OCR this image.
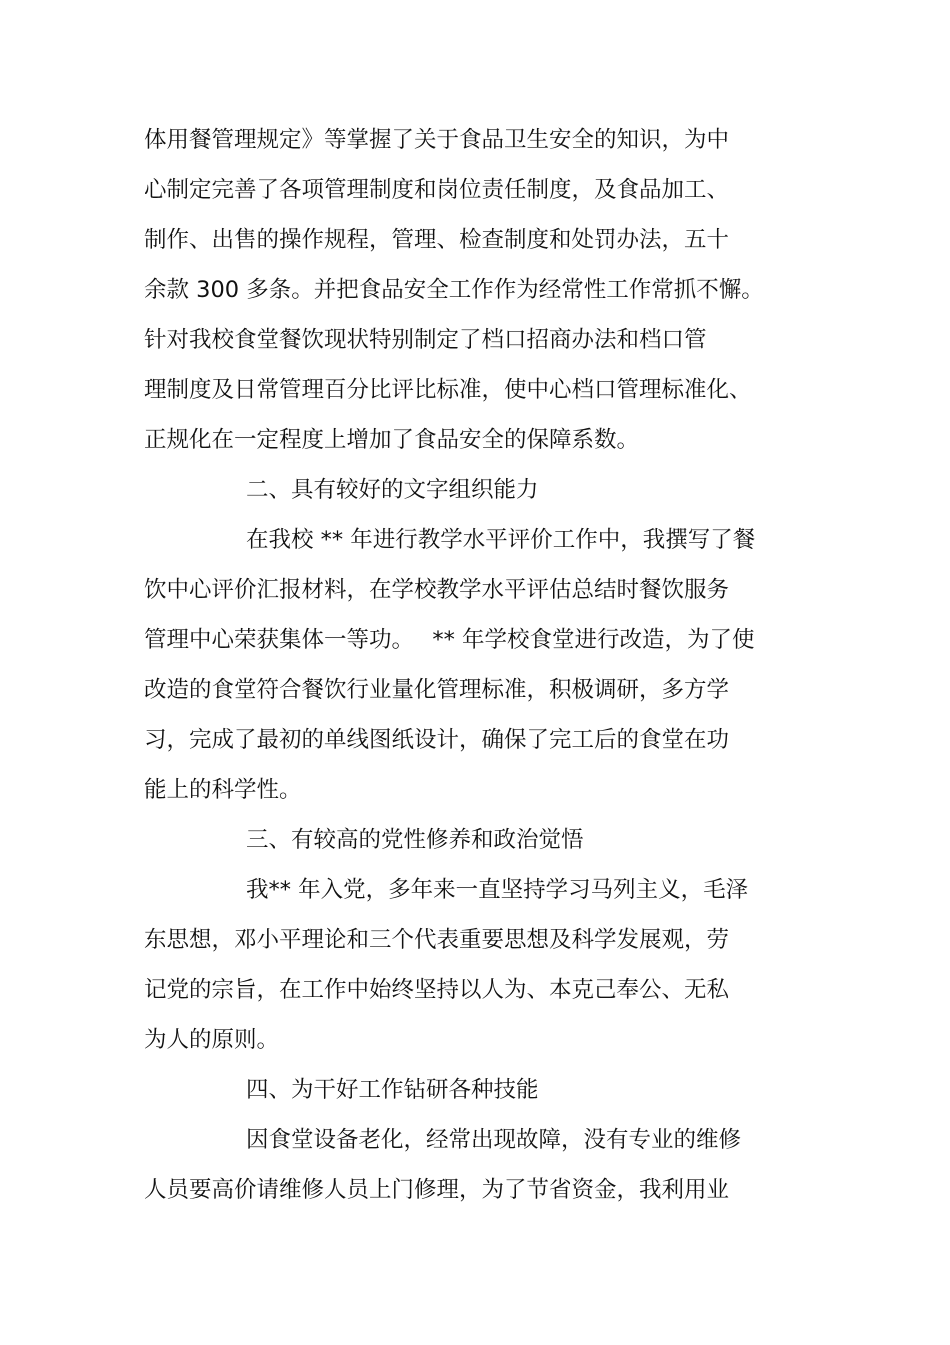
体用餐管理规定》等掌握了关于食品卫生安全的知识，为中
心制定完善了各项管理制度和岗位责任制度，及食品加工、
制作、出售的操作规程，管理、检查制度和处罚办法，五十
余款 300 多条。并把食品安全工作作为经常性工作常抓不懈。
针对我校食堂餐饮现状特别制定了档口招商办法和档口管
理制度及日常管理百分比评比标准，使中心档口管理标准化、
正规化在一定程度上增加了食品安全的保障系数。
二、具有较好的文字组织能力
在我校 ** 年进行教学水平评价工作中，我撰写了餐
饮中心评价汇报材料，在学校教学水平评估总结时餐饮服务
管理中心荣获集体一等功。　 ** 年学校食堂进行改造，为了使
改造的食堂符合餐饮行业量化管理标准，积极调研，多方学
习，完成了最初的单线图纸设计，确保了完工后的食堂在功
能上的科学性。
三、有较高的党性修养和政治觉悟
我** 年入党，多年来一直坚持学习马列主义，毛泽
东思想，邓小平理论和三个代表重要思想及科学发展观，劳
记党的宗旨，在工作中始终坚持以人为、本克己奉公、无私
为人的原则。
四、为干好工作钻研各种技能
因食堂设备老化，经常出现故障，没有专业的维修
人员要高价请维修人员上门修理，为了节省资金，我利用业
